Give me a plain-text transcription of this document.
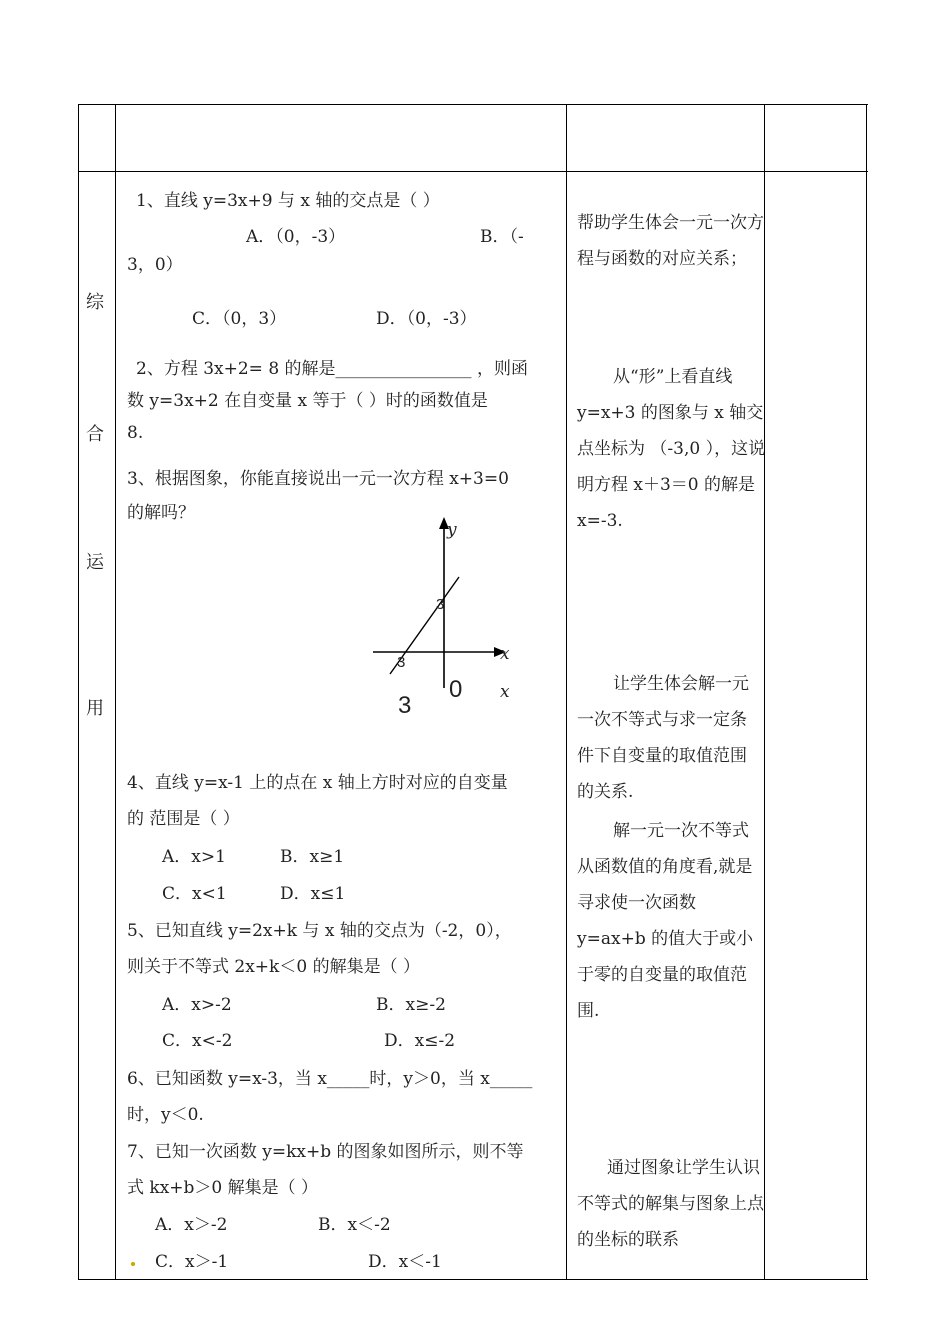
综
合
运
用
1、直线 y=3x+9 与 x 轴的交点是（ ）
A．（0，-3）	B．（-
3，0）
C．（0，3）	D．（0，-3）
2、方程 3x+2= 8 的解是________________ ，则函
数 y=3x+2 在自变量 x 等于（ ）时的函数值是
8.
3、根据图象，你能直接说出一元一次方程 x+3=0
的解吗？
y
3
x
3
0 x
3
4、直线 y=x-1 上的点在 x 轴上方时对应的自变量
的 范围是（ ）
A．x>1	B．x≥1
C．x<1	D．x≤1
5、已知直线 y=2x+k 与 x 轴的交点为（-2，0），
则关于不等式 2x+k＜0 的解集是（ ）
A．x>-2	B．x≥-2
C．x<-2	D．x≤-2
6、已知函数 y=x-3，当 x_____时，y＞0，当 x_____
时，y＜0.
7、已知一次函数 y=kx+b 的图象如图所示，则不等
式 kx+b＞0 解集是（ ）
A．x＞-2	B．x＜-2
C．x＞-1	D．x＜-1
帮助学生体会一元一次方程与函数的对应关系；
从“形”上看直线 y=x+3 的图象与 x 轴交点坐标为 （-3,0 ），这说明方程 x＋3＝0 的解是 x=-3.
让学生体会解一元一次不等式与求一定条件下自变量的取值范围的关系.
解一元一次不等式从函数值的角度看,就是寻求使一次函数 y=ax+b 的值大于或小于零的自变量的取值范围.
通过图象让学生认识不等式的解集与图象上点的坐标的联系
